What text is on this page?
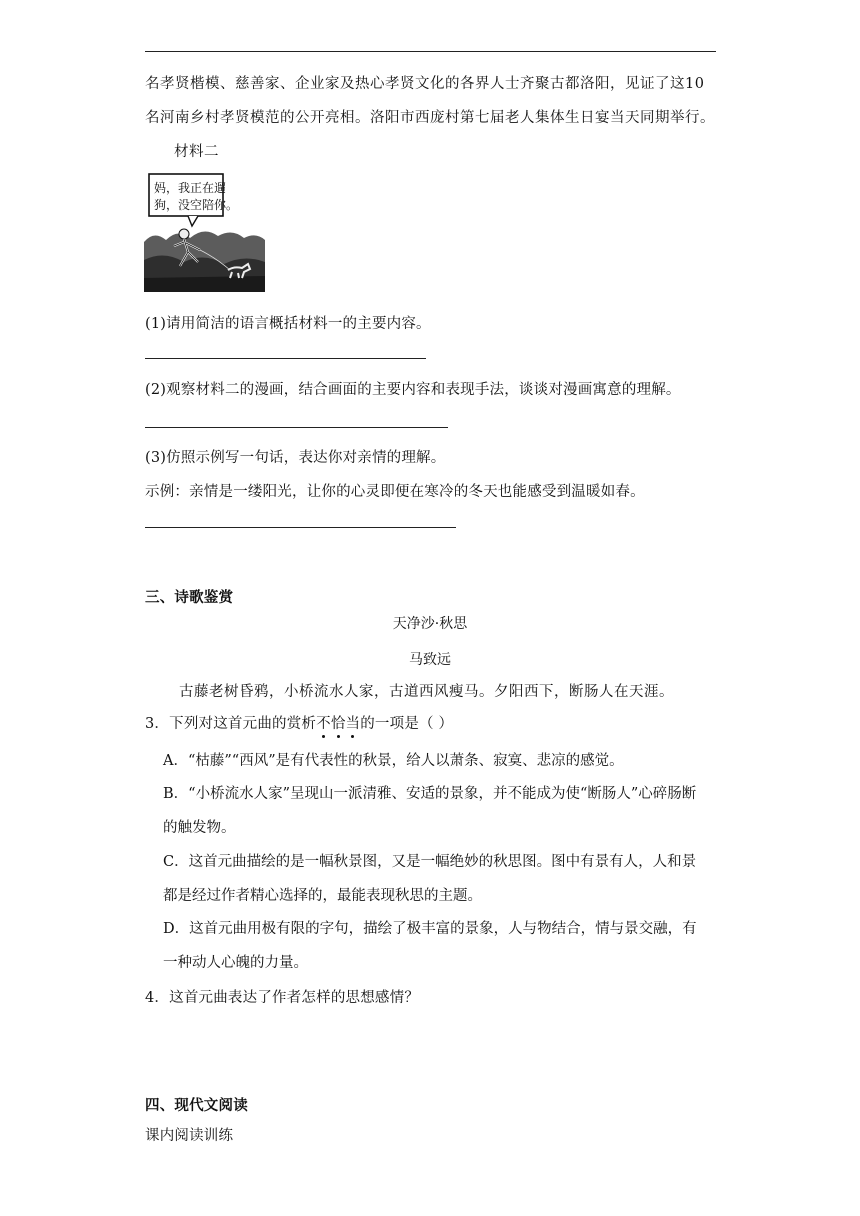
名孝贤楷模、慈善家、企业家及热心孝贤文化的各界人士齐聚古都洛阳，见证了这10
名河南乡村孝贤模范的公开亮相。洛阳市西庞村第七届老人集体生日宴当天同期举行。
材料二
妈，我正在遛
狗，没空陪你。
(1)请用简洁的语言概括材料一的主要内容。
(2)观察材料二的漫画，结合画面的主要内容和表现手法，谈谈对漫画寓意的理解。
(3)仿照示例写一句话，表达你对亲情的理解。
示例：亲情是一缕阳光，让你的心灵即便在寒冷的冬天也能感受到温暖如春。
三、诗歌鉴赏
天净沙·秋思
马致远
古藤老树昏鸦，小桥流水人家，古道西风瘦马。夕阳西下，断肠人在天涯。
3．下列对这首元曲的赏析不恰当的一项是（ ）
A．“枯藤”“西风”是有代表性的秋景，给人以萧条、寂寞、悲凉的感觉。
B．“小桥流水人家”呈现山一派清雅、安适的景象，并不能成为使“断肠人”心碎肠断
的触发物。
C．这首元曲描绘的是一幅秋景图，又是一幅绝妙的秋思图。图中有景有人，人和景
都是经过作者精心选择的，最能表现秋思的主题。
D．这首元曲用极有限的字句，描绘了极丰富的景象，人与物结合，情与景交融，有
一种动人心魄的力量。
4．这首元曲表达了作者怎样的思想感情？
四、现代文阅读
课内阅读训练
